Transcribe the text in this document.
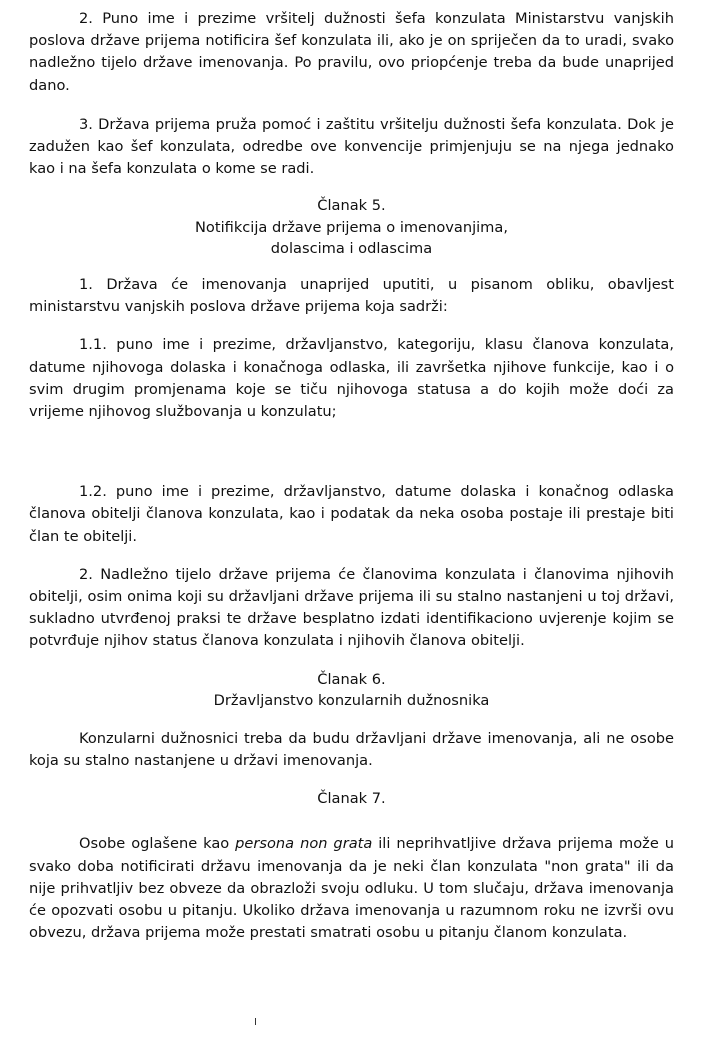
2. Puno ime i prezime vršitelj dužnosti šefa konzulata Ministarstvu vanjskih poslova države prijema notificira šef konzulata ili, ako je on spriječen da to uradi, svako nadležno tijelo države imenovanja. Po pravilu, ovo priopćenje treba da bude unaprijed dano.

3. Država prijema pruža pomoć i zaštitu vršitelju dužnosti šefa konzulata. Dok je zadužen kao šef konzulata, odredbe ove konvencije primjenjuju se na njega jednako kao i na šefa konzulata o kome se radi.

Članak 5.

Notifikcija države prijema o imenovanjima,

dolascima i odlascima

1. Država će imenovanja unaprijed uputiti, u pisanom obliku, obavljest ministarstvu vanjskih poslova države prijema koja sadrži:

1.1. puno ime i prezime, državljanstvo, kategoriju, klasu članova konzulata, datume njihovoga dolaska i konačnoga odlaska, ili završetka njihove funkcije, kao i o svim drugim promjenama koje se tiču njihovoga statusa a do kojih može doći za vrijeme njihovog službovanja u konzulatu;

1.2. puno ime i prezime, državljanstvo, datume dolaska i konačnog odlaska članova obitelji članova konzulata, kao i podatak da neka osoba postaje ili prestaje biti član te obitelji.

2. Nadležno tijelo države prijema će članovima konzulata i članovima njihovih obitelji, osim onima koji su državljani države prijema ili su stalno nastanjeni u toj državi, sukladno utvrđenoj praksi te države besplatno izdati identifikaciono uvjerenje kojim se potvrđuje njihov status članova konzulata i njihovih članova obitelji.

Članak 6.

Državljanstvo konzularnih dužnosnika

Konzularni dužnosnici treba da budu državljani države imenovanja, ali ne osobe koja su stalno nastanjene u državi imenovanja.

Članak 7.

Osobe oglašene kao persona non grata ili neprihvatljive država prijema može u svako doba notificirati državu imenovanja da je neki član konzulata "non grata" ili da nije prihvatljiv bez obveze da obrazloži svoju odluku. U tom slučaju, država imenovanja će opozvati osobu u pitanju. Ukoliko država imenovanja u razumnom roku ne izvrši ovu obvezu, država prijema može prestati smatrati osobu u pitanju članom konzulata.
